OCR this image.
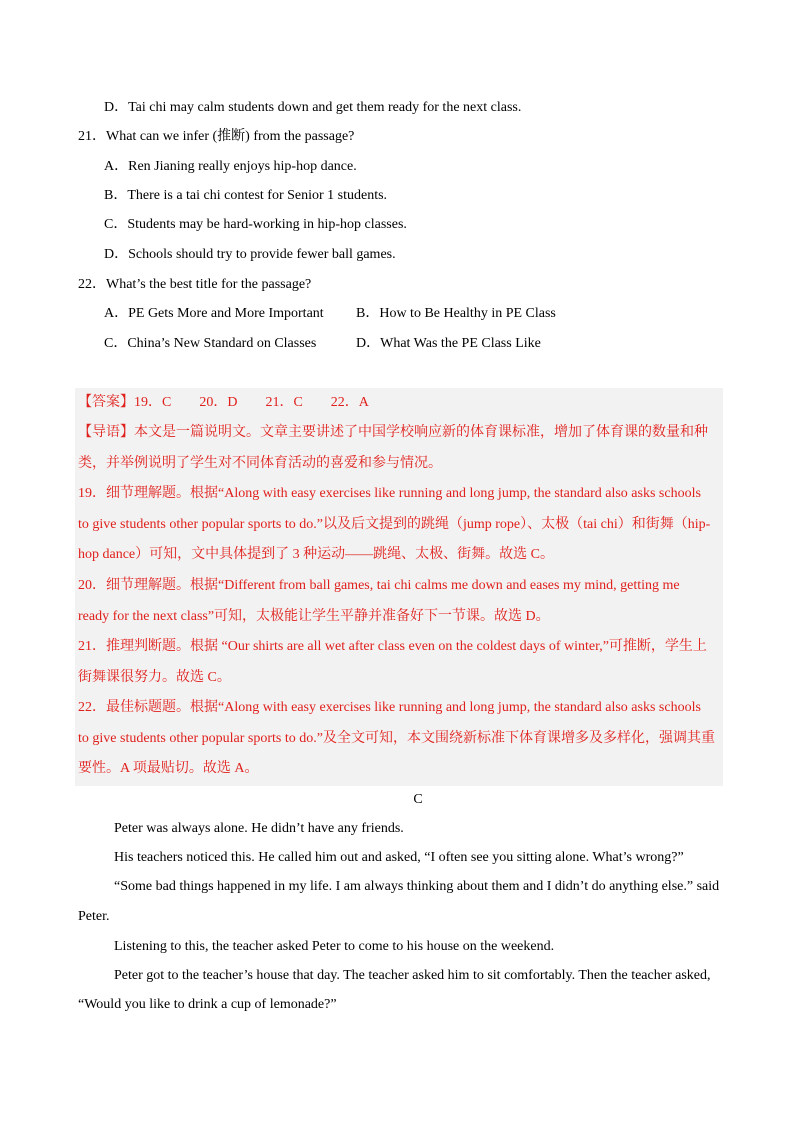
D．Tai chi may calm students down and get them ready for the next class.
21．What can we infer (推断) from the passage?
A．Ren Jianing really enjoys hip-hop dance.
B．There is a tai chi contest for Senior 1 students.
C．Students may be hard-working in hip-hop classes.
D．Schools should try to provide fewer ball games.
22．What’s the best title for the passage?
A．PE Gets More and More Important B．How to Be Healthy in PE Class
C．China’s New Standard on Classes	D．What Was the PE Class Like
【答案】19．C　　20．D　　21．C　　22．A
【导语】本文是一篇说明文。文章主要讲述了中国学校响应新的体育课标准，增加了体育课的数量和种
类，并举例说明了学生对不同体育活动的喜爱和参与情况。
19．细节理解题。根据“Along with easy exercises like running and long jump, the standard also asks schools
to give students other popular sports to do.”以及后文提到的跳绳（jump rope）、太极（tai chi）和街舞（hip-
hop dance）可知，文中具体提到了 3 种运动——跳绳、太极、街舞。故选 C。
20．细节理解题。根据“Different from ball games, tai chi calms me down and eases my mind, getting me
ready for the next class”可知，太极能让学生平静并准备好下一节课。故选 D。
21．推理判断题。根据 “Our shirts are all wet after class even on the coldest days of winter,”可推断，学生上
街舞课很努力。故选 C。
22．最佳标题题。根据“Along with easy exercises like running and long jump, the standard also asks schools
to give students other popular sports to do.”及全文可知，本文围绕新标准下体育课增多及多样化，强调其重
要性。A 项最贴切。故选 A。
C
Peter was always alone. He didn’t have any friends.
His teachers noticed this. He called him out and asked, “I often see you sitting alone. What’s wrong?”
“Some bad things happened in my life. I am always thinking about them and I didn’t do anything else.” said
Peter.
Listening to this, the teacher asked Peter to come to his house on the weekend.
Peter got to the teacher’s house that day. The teacher asked him to sit comfortably. Then the teacher asked,
“Would you like to drink a cup of lemonade?”
